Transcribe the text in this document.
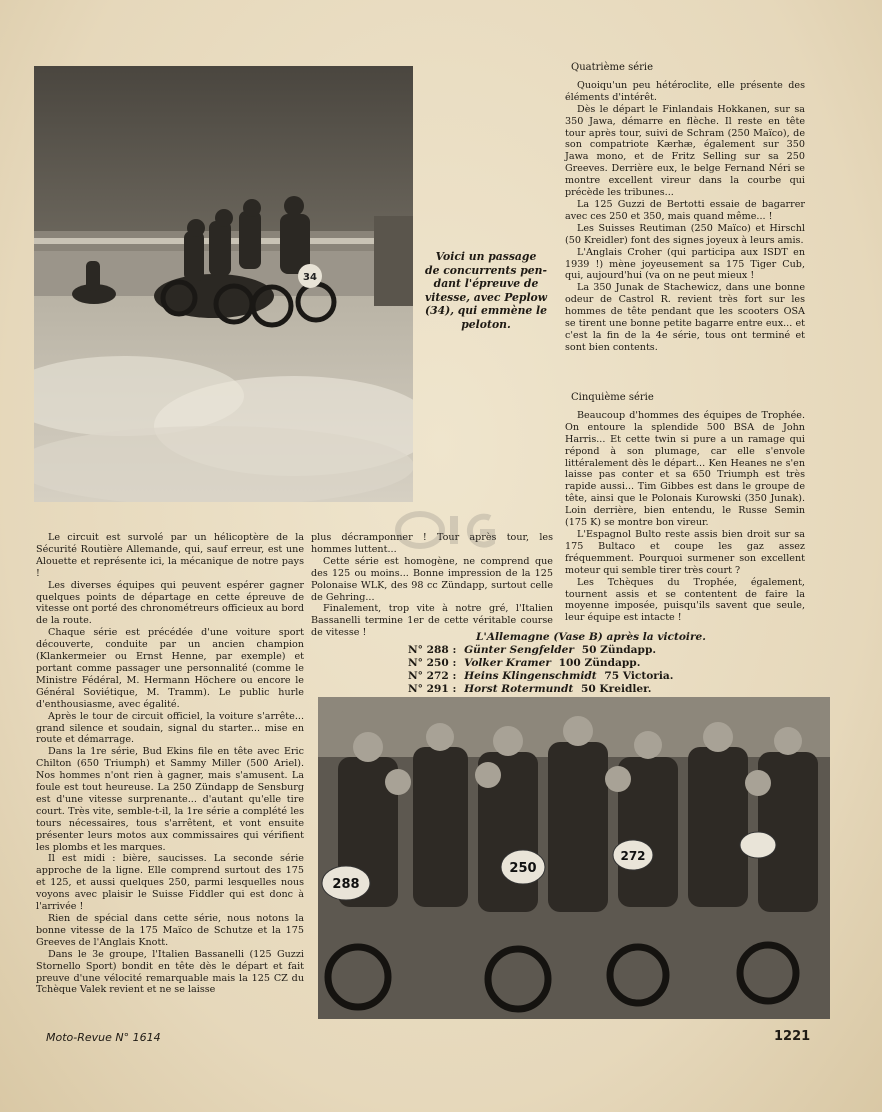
34
Voici un passage
de concurrents pen-
dant l'épreuve de
vitesse, avec Peplow
(34), qui emmène le
peloton.
Quatrième série

Quoiqu'un peu hétéroclite, elle présente des éléments d'intérêt.

Dès le départ le Finlandais Hokkanen, sur sa 350 Jawa, démarre en flèche. Il reste en tête tour après tour, suivi de Schram (250 Maïco), de son compatriote Kærhæ, également sur 350 Jawa mono, et de Fritz Selling sur sa 250 Greeves. Derrière eux, le belge Fernand Néri se montre excellent vireur dans la courbe qui précède les tribunes...

La 125 Guzzi de Bertotti essaie de bagarrer avec ces 250 et 350, mais quand même... !

Les Suisses Reutiman (250 Maïco) et Hirschl (50 Kreidler) font des signes joyeux à leurs amis.

L'Anglais Croher (qui participa aux ISDT en 1939 !) mène joyeusement sa 175 Tiger Cub, qui, aujourd'hui (va on ne peut mieux !

La 350 Junak de Stachewicz, dans une bonne odeur de Castrol R. revient très fort sur les hommes de tête pendant que les scooters OSA se tirent une bonne petite bagarre entre eux... et c'est la fin de la 4e série, tous ont terminé et sont bien contents.

Cinquième série

Beaucoup d'hommes des équipes de Trophée. On entoure la splendide 500 BSA de John Harris... Et cette twin si pure a un ramage qui répond à son plumage, car elle s'envole littéralement dès le départ... Ken Heanes ne s'en laisse pas conter et sa 650 Triumph est très rapide aussi... Tim Gibbes est dans le groupe de tête, ainsi que le Polonais Kurowski (350 Junak). Loin derrière, bien entendu, le Russe Semin (175 K) se montre bon vireur.

L'Espagnol Bulto reste assis bien droit sur sa 175 Bultaco et coupe les gaz assez fréquemment. Pourquoi surmener son excellent moteur qui semble tirer très court ?

Les Tchèques du Trophée, également, tournent assis et se contentent de faire la moyenne imposée, puisqu'ils savent que seule, leur équipe est intacte !

Le circuit est survolé par un hélicoptère de la Sécurité Routière Allemande, qui, sauf erreur, est une Alouette et représente ici, la mécanique de notre pays !

Les diverses équipes qui peuvent espérer gagner quelques points de départage en cette épreuve de vitesse ont porté des chronométreurs officieux au bord de la route.

Chaque série est précédée d'une voiture sport découverte, conduite par un ancien champion (Klankermeier ou Ernst Henne, par exemple) et portant comme passager une personnalité (comme le Ministre Fédéral, M. Hermann Höchere ou encore le Général Soviétique, M. Tramm). Le public hurle d'enthousiasme, avec égalité.

Après le tour de circuit officiel, la voiture s'arrête... grand silence et soudain, signal du starter... mise en route et démarrage.

Dans la 1re série, Bud Ekins file en tête avec Eric Chilton (650 Triumph) et Sammy Miller (500 Ariel). Nos hommes n'ont rien à gagner, mais s'amusent. La foule est tout heureuse. La 250 Zündapp de Sensburg est d'une vitesse surprenante... d'autant qu'elle tire court. Très vite, semble-t-il, la 1re série a complété les tours nécessaires, tous s'arrêtent, et vont ensuite présenter leurs motos aux commissaires qui vérifient les plombs et les marques.

Il est midi : bière, saucisses. La seconde série approche de la ligne. Elle comprend surtout des 175 et 125, et aussi quelques 250, parmi lesquelles nous voyons avec plaisir le Suisse Fiddler qui est donc à l'arrivée !

Rien de spécial dans cette série, nous notons la bonne vitesse de la 175 Maïco de Schutze et la 175 Greeves de l'Anglais Knott.

Dans le 3e groupe, l'Italien Bassanelli (125 Guzzi Stornello Sport) bondit en tête dès le départ et fait preuve d'une vélocité remarquable mais la 125 CZ du Tchèque Valek revient et ne se laisse

plus décramponner ! Tour après tour, les hommes luttent...

Cette série est homogène, ne comprend que des 125 ou moins... Bonne impression de la 125 Polonaise WLK, des 98 cc Zündapp, surtout celle de Gehring...

Finalement, trop vite à notre gré, l'Italien Bassanelli termine 1er de cette véritable course de vitesse !	L'Allemagne (Vase B) après la victoire.
N° 288 : Günter Sengfelder 50 Zündapp.
N° 250 : Volker Kramer 100 Zündapp.
N° 272 : Heins Klingenschmidt 75 Victoria.
N° 291 : Horst Rotermundt 50 Kreidler.
288
250
272
Moto-Revue N° 1614	1221
